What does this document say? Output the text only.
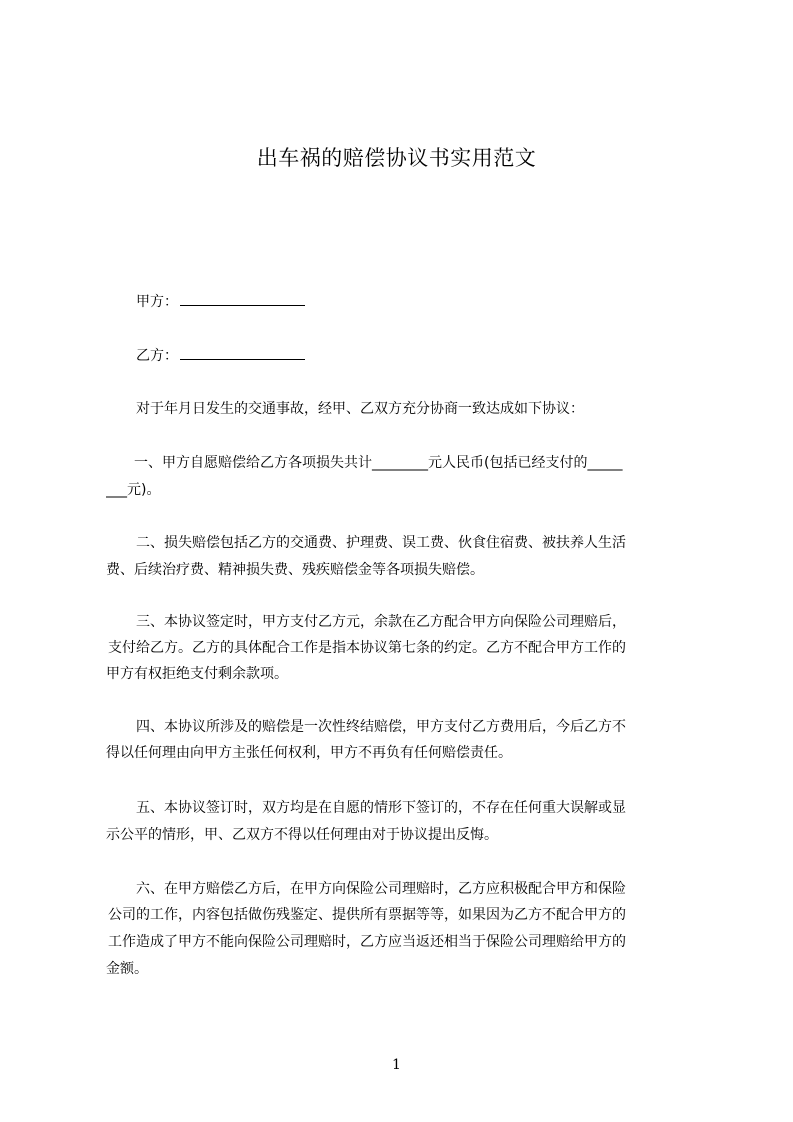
出车祸的赔偿协议书实用范文
甲方：
乙方：
对于年月日发生的交通事故，经甲、乙双方充分协商一致达成如下协议：
一、甲方自愿赔偿给乙方各项损失共计________元人民币(包括已经支付的_____
___元)。
二、损失赔偿包括乙方的交通费、护理费、误工费、伙食住宿费、被扶养人生活
费、后续治疗费、精神损失费、残疾赔偿金等各项损失赔偿。
三、本协议签定时，甲方支付乙方元，余款在乙方配合甲方向保险公司理赔后，
支付给乙方。乙方的具体配合工作是指本协议第七条的约定。乙方不配合甲方工作的
甲方有权拒绝支付剩余款项。
四、本协议所涉及的赔偿是一次性终结赔偿，甲方支付乙方费用后，今后乙方不
得以任何理由向甲方主张任何权利，甲方不再负有任何赔偿责任。
五、本协议签订时，双方均是在自愿的情形下签订的，不存在任何重大误解或显
示公平的情形，甲、乙双方不得以任何理由对于协议提出反悔。
六、在甲方赔偿乙方后，在甲方向保险公司理赔时，乙方应积极配合甲方和保险
公司的工作，内容包括做伤残鉴定、提供所有票据等等，如果因为乙方不配合甲方的
工作造成了甲方不能向保险公司理赔时，乙方应当返还相当于保险公司理赔给甲方的
金额。
1
